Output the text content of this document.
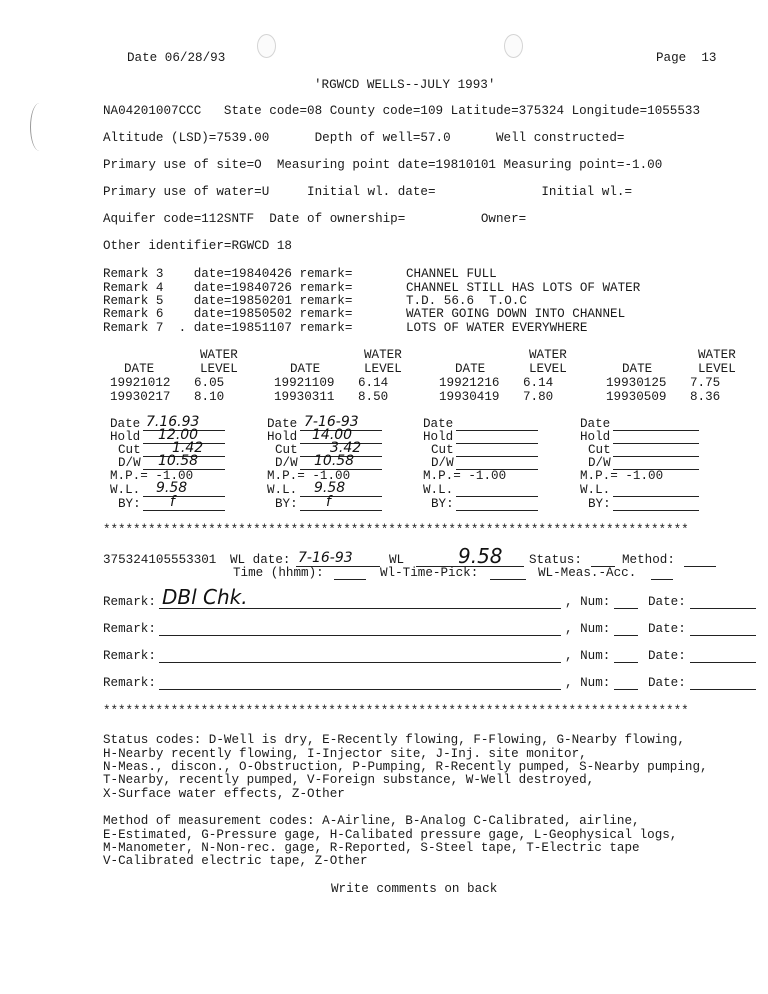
Date 06/28/93	Page  13
'RGWCD WELLS--JULY 1993'
NA04201007CCC   State code=08 County code=109 Latitude=375324 Longitude=1055533
Altitude (LSD)=7539.00      Depth of well=57.0      Well constructed=
Primary use of site=O  Measuring point date=19810101 Measuring point=-1.00
Primary use of water=U     Initial wl. date=              Initial wl.=
Aquifer code=112SNTF  Date of ownership=          Owner=
Other identifier=RGWCD 18
Remark 3    date=19840426 remark=	CHANNEL FULL
Remark 4    date=19840726 remark=	CHANNEL STILL HAS LOTS OF WATER
Remark 5    date=19850201 remark=	T.D. 56.6  T.O.C
Remark 6    date=19850502 remark=	WATER GOING DOWN INTO CHANNEL
Remark 7  . date=19851107 remark=	LOTS OF WATER EVERYWHERE
WATER	WATER	WATER	WATER
DATE	LEVEL	DATE	LEVEL	DATE	LEVEL	DATE	LEVEL
19921012 6.05	19921109 6.14	19921216 6.14	19930125 7.75
19930217 8.10	19930311 8.50	19930419 7.80	19930509 8.36
Date 7.16.93
Hold 12.00
Cut 1.42
D/W 10.58
M.P.= -1.00
W.L. 9.58
BY: f
Date 7-16-93
Hold 14.00
Cut 3.42
D/W 10.58
M.P.= -1.00
W.L. 9.58
BY: f
Date
Hold
Cut
D/W
M.P.= -1.00
W.L.
BY:
Date
Hold
Cut
D/W
M.P.= -1.00
W.L.
BY:
******************************************************************************
375324105553301 WL date: 7-16-93	WL	9.58 Status:	Method:
Time (hhmm):	Wl-Time-Pick:	WL-Meas.-Acc.
Remark: DBl Chk.	, Num:	Date:
Remark:	, Num:	Date:
Remark:	, Num:	Date:
Remark:	, Num:	Date:
******************************************************************************
Status codes: D-Well is dry, E-Recently flowing, F-Flowing, G-Nearby flowing,
H-Nearby recently flowing, I-Injector site, J-Inj. site monitor,
N-Meas., discon., O-Obstruction, P-Pumping, R-Recently pumped, S-Nearby pumping,
T-Nearby, recently pumped, V-Foreign substance, W-Well destroyed,
X-Surface water effects, Z-Other
Method of measurement codes: A-Airline, B-Analog C-Calibrated, airline,
E-Estimated, G-Pressure gage, H-Calibated pressure gage, L-Geophysical logs,
M-Manometer, N-Non-rec. gage, R-Reported, S-Steel tape, T-Electric tape
V-Calibrated electric tape, Z-Other
Write comments on back
